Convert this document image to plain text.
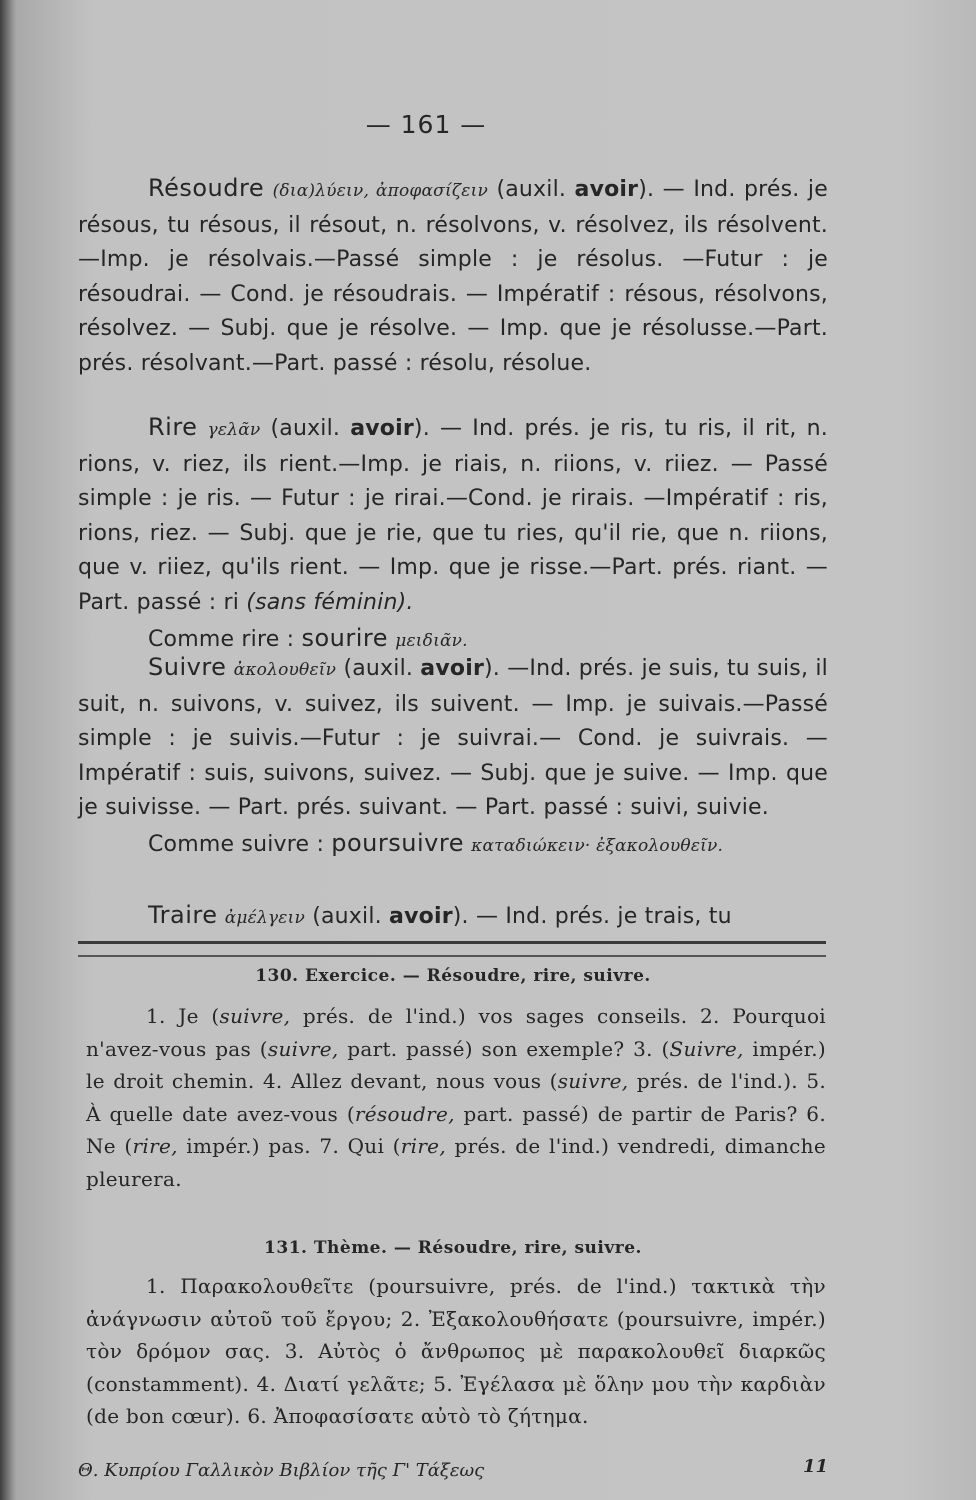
— 161 —
Résoudre (δια)λύειν, ἀποφασίζειν (auxil. avoir). — Ind. prés. je résous, tu résous, il résout, n. résolvons, v. résolvez, ils résolvent.—Imp. je résolvais.—Passé simple : je résolus. —Futur : je résoudrai. — Cond. je résoudrais. — Impératif : résous, résolvons, résolvez. — Subj. que je résolve. — Imp. que je résolusse.—Part. prés. résolvant.—Part. passé : résolu, résolue.
Rire γελᾶν (auxil. avoir). — Ind. prés. je ris, tu ris, il rit, n. rions, v. riez, ils rient.—Imp. je riais, n. riions, v. riiez. — Passé simple : je ris. — Futur : je rirai.—Cond. je rirais. —Impératif : ris, rions, riez. — Subj. que je rie, que tu ries, qu'il rie, que n. riions, que v. riiez, qu'ils rient. — Imp. que je risse.—Part. prés. riant. — Part. passé : ri (sans féminin).
Comme rire : sourire μειδιᾶν.
Suivre ἀκολουθεῖν (auxil. avoir). —Ind. prés. je suis, tu suis, il suit, n. suivons, v. suivez, ils suivent. — Imp. je suivais.—Passé simple : je suivis.—Futur : je suivrai.— Cond. je suivrais. — Impératif : suis, suivons, suivez. — Subj. que je suive. — Imp. que je suivisse. — Part. prés. suivant. — Part. passé : suivi, suivie.
Comme suivre : poursuivre καταδιώκειν· ἐξακολουθεῖν.
Traire ἀμέλγειν (auxil. avoir). — Ind. prés. je trais, tu
130. Exercice. — Résoudre, rire, suivre.
1. Je (suivre, prés. de l'ind.) vos sages conseils. 2. Pourquoi n'avez-vous pas (suivre, part. passé) son exemple? 3. (Suivre, impér.) le droit chemin. 4. Allez devant, nous vous (suivre, prés. de l'ind.). 5. À quelle date avez-vous (résoudre, part. passé) de partir de Paris? 6. Ne (rire, impér.) pas. 7. Qui (rire, prés. de l'ind.) vendredi, dimanche pleurera.
131. Thème. — Résoudre, rire, suivre.
1. Παρακολουθεῖτε (poursuivre, prés. de l'ind.) τακτικὰ τὴν ἀνάγνωσιν αὐτοῦ τοῦ ἔργου; 2. Ἐξακολουθήσατε (poursuivre, impér.) τὸν δρόμον σας. 3. Αὐτὸς ὁ ἄνθρωπος μὲ παρακολουθεῖ διαρκῶς (constamment). 4. Διατί γελᾶτε; 5. Ἐγέλασα μὲ ὅλην μου τὴν καρδιὰν (de bon cœur). 6. Ἀποφασίσατε αὐτὸ τὸ ζήτημα.
Θ. Κυπρίου Γαλλικὸν Βιβλίον τῆς Γ' Τάξεως	11
